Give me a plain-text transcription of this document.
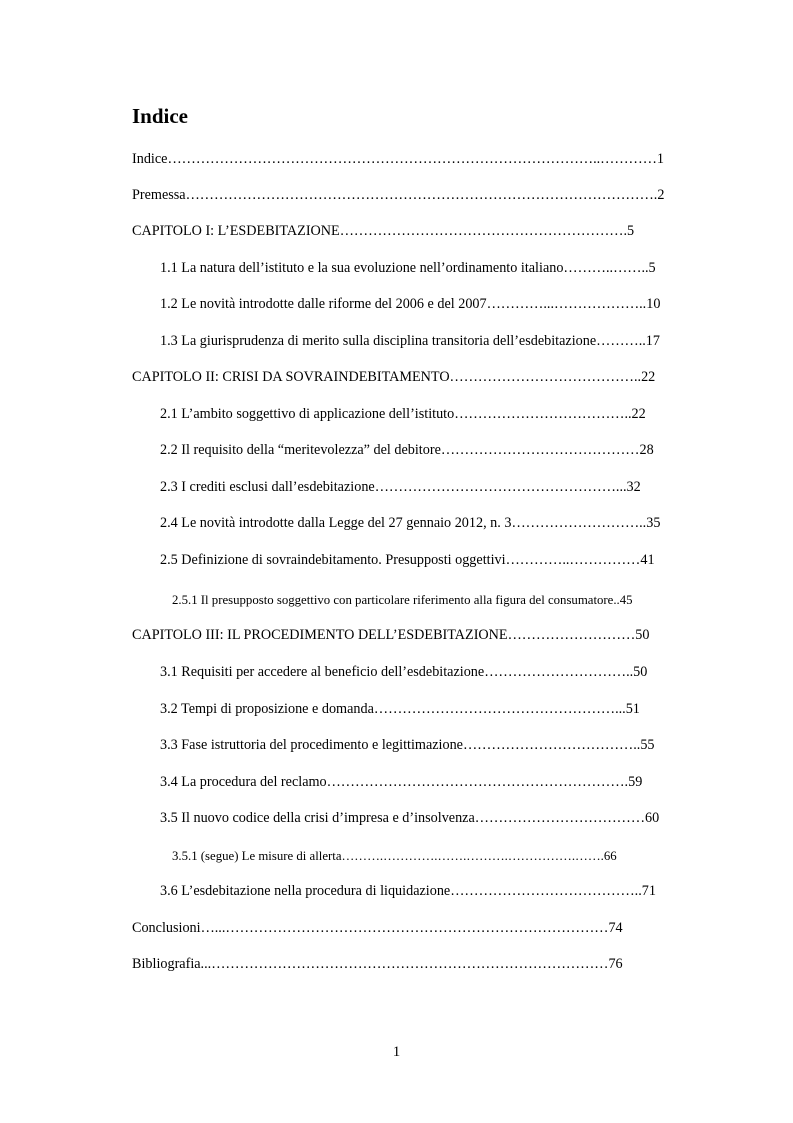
Indice
Indice………………………………………………………………………………..…………1
Premessa……………………………………………………………………………………….2
CAPITOLO I: L’ESDEBITAZIONE…………………………………………………….5
1.1 La natura dell’istituto e la sua evoluzione nell’ordinamento italiano………..……..5
1.2 Le novità introdotte dalle riforme del 2006 e del 2007…………...………………..10
1.3 La giurisprudenza di merito sulla disciplina transitoria dell’esdebitazione………..17
CAPITOLO II: CRISI DA SOVRAINDEBITAMENTO…………………………………..22
2.1 L’ambito soggettivo di applicazione dell’istituto………………………………..22
2.2 Il requisito della “meritevolezza” del debitore……………………………………28
2.3 I crediti esclusi dall’esdebitazione……………………………………………...32
2.4 Le novità introdotte dalla Legge del 27 gennaio 2012, n. 3………………………..35
2.5 Definizione di sovraindebitamento. Presupposti oggettivi…………..……………41
2.5.1 Il presupposto soggettivo con particolare riferimento alla figura del consumatore..45
CAPITOLO III: IL PROCEDIMENTO DELL’ESDEBITAZIONE………………………50
3.1 Requisiti per accedere al beneficio dell’esdebitazione…………………………..50
3.2 Tempi di proposizione e domanda……………………………………………...51
3.3 Fase istruttoria del procedimento e legittimazione………………………………..55
3.4 La procedura del reclamo……………………………………………………….59
3.5 Il nuovo codice della crisi d’impresa e d’insolvenza………………………………60
3.5.1 (segue) Le misure di allerta……….………….…….……….…………….…….66
3.6 L’esdebitazione nella procedura di liquidazione…………………………………..71
Conclusioni…...………………………………………………………………………74
Bibliografia...…………………………………………………………………………76
1
